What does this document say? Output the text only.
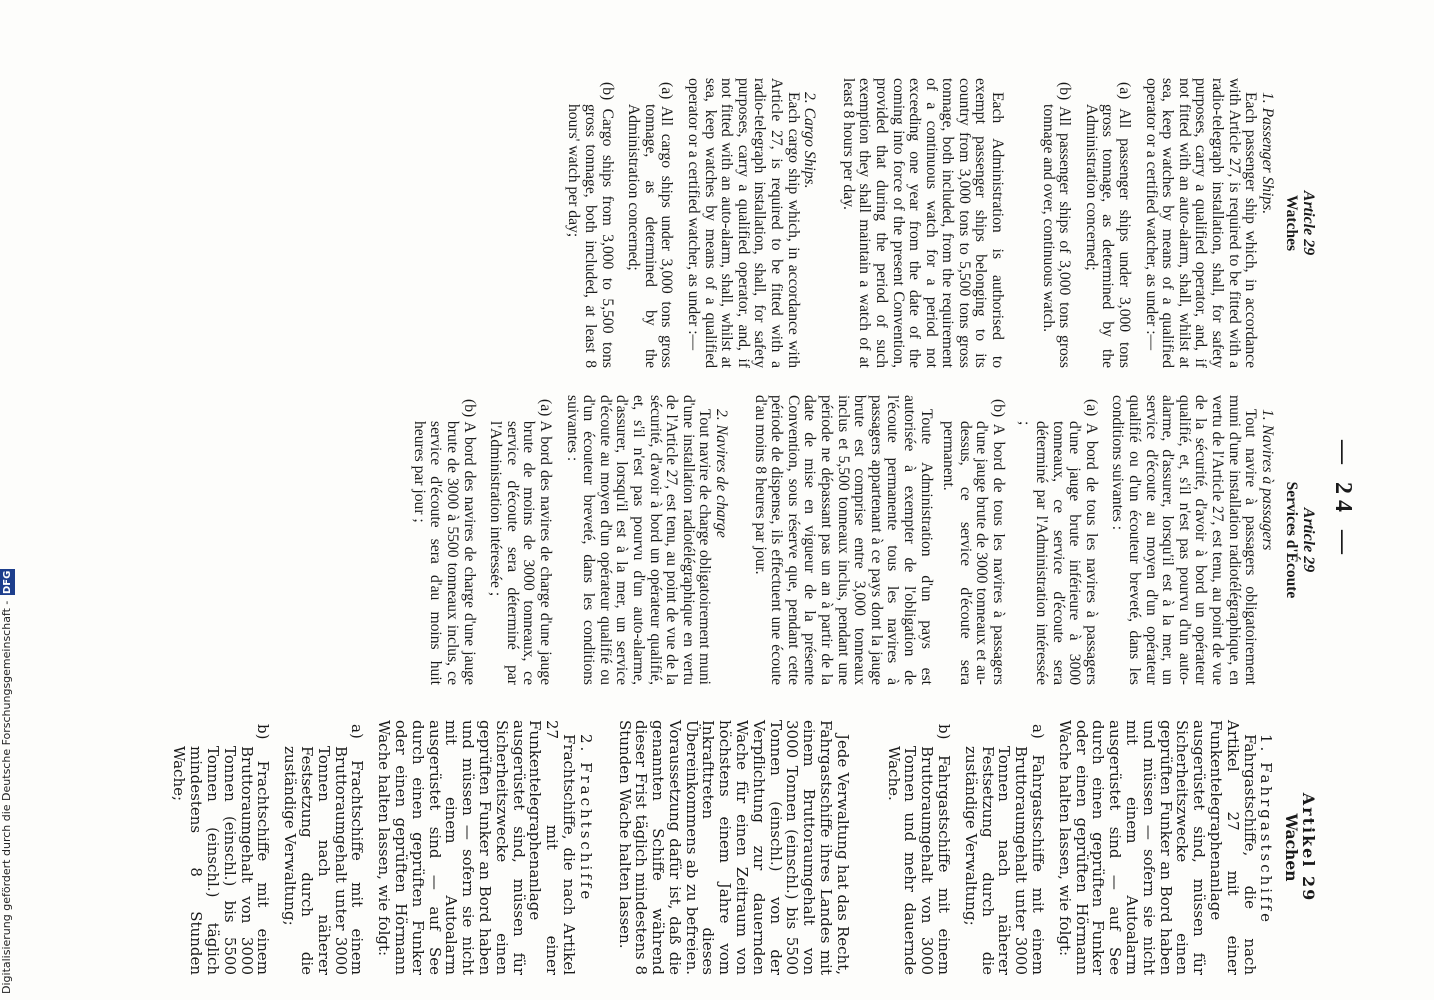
— 24 —

Article 29

Watches

1. Passenger Ships.

Each passenger ship which, in accordance with Article 27, is required to be fitted with a radio-telegraph installation, shall, for safety purposes, carry a qualified operator, and, if not fitted with an auto-alarm, shall, whilst at sea, keep watches by means of a qualified operator or a certified watcher, as under :—

(a) All passenger ships under 3,000 tons gross tonnage, as determined by the Administration concerned;

(b) All passenger ships of 3,000 tons gross tonnage and over, continuous watch.

Each Administration is authorised to exempt passenger ships belonging to its country from 3,000 tons to 5,500 tons gross tonnage, both included, from the requirement of a continuous watch for a period not exceeding one year from the date of the coming into force of the present Convention, provided that during the period of such exemption they shall maintain a watch of at least 8 hours per day.

2. Cargo Ships.

Each cargo ship which, in accordance with Article 27, is required to be fitted with a radio-telegraph installation, shall, for safety purposes, carry a qualified operator, and, if not fitted with an auto-alarm, shall, whilst at sea, keep watches by means of a qualified operator or a certified watcher, as under :—

(a) All cargo ships under 3,000 tons gross tonnage, as determined by the Administration concerned;

(b) Cargo ships from 3,000 to 5,500 tons gross tonnage, both included, at least 8 hours' watch per day;

Article 29

Services d'Écoute

1. Navires à passagers

Tout navire à passagers obligatoirement muni d'une installation radiotélégraphique, en vertu de l'Article 27, est tenu, au point de vue de la sécurité, d'avoir à bord un opérateur qualifié, et, s'il n'est pas pourvu d'un auto-alarme, d'assurer, lorsqu'il est à la mer, un service d'écoute au moyen d'un opérateur qualifié ou d'un écouteur breveté, dans les conditions suivantes :

(a) A bord de tous les navires à passagers d'une jauge brute inférieure à 3000 tonneaux, ce service d'écoute sera déterminé par l'Administration intéressée ;

(b) A bord de tous les navires à passagers d'une jauge brute de 3000 tonneaux et au-dessus, ce service d'écoute sera permanent.

Toute Administration d'un pays est autorisée à exempter de l'obligation de l'écoute permanente tous les navires à passagers appartenant à ce pays dont la jauge brute est comprise entre 3,000 tonneaux inclus et 5,500 tonneaux inclus, pendant une période ne dépassant pas un an à partir de la date de mise en vigueur de la présente Convention, sous réserve que, pendant cette période de dispense, ils effectuent une écoute d'au moins 8 heures par jour.

2. Navires de charge

Tout navire de charge obligatoirement muni d'une installation radiotélégraphique en vertu de l'Article 27, est tenu, au point de vue de la sécurité, d'avoir à bord un opérateur qualifié, et, s'il n'est pas pourvu d'un auto-alarme, d'assurer, lorsqu'il est à la mer, un service d'écoute au moyen d'un opérateur qualifié ou d'un écouteur breveté, dans les conditions suivantes :

(a) A bord des navires de charge d'une jauge brute de moins de 3000 tonneaux, ce service d'écoute sera déterminé par l'Administration intéressée ;

(b) A bord des navires de charge d'une jauge brute de 3000 à 5500 tonneaux inclus, ce service d'écoute sera d'au moins huit heures par jour ;

Artikel 29

Wachen

1. Fahrgastschiffe

Fahrgastschiffe, die nach Artikel 27 mit einer Funkentelegraphenanlage ausgerüstet sind, müssen für Sicherheitszwecke einen geprüften Funker an Bord haben und müssen — sofern sie nicht mit einem Autoalarm ausgerüstet sind — auf See durch einen geprüften Funker oder einen geprüften Hörmann Wache halten lassen, wie folgt:

a) Fahrgastschiffe mit einem Bruttoraumgehalt unter 3000 Tonnen nach näherer Festsetzung durch die zuständige Verwaltung;

b) Fahrgastschiffe mit einem Bruttoraumgehalt von 3000 Tonnen und mehr dauernde Wache.

Jede Verwaltung hat das Recht, Fahrgastschiffe ihres Landes mit einem Bruttoraumgehalt von 3000 Tonnen (einschl.) bis 5500 Tonnen (einschl.) von der Verpflichtung zur dauernden Wache für einen Zeitraum von höchstens einem Jahre vom Inkrafttreten dieses Übereinkommens ab zu befreien. Voraussetzung dafür ist, daß die genannten Schiffe während dieser Frist täglich mindestens 8 Stunden Wache halten lassen.

2. Frachtschiffe

Frachtschiffe, die nach Artikel 27 mit einer Funkentelegraphenanlage ausgerüstet sind, müssen für Sicherheitszwecke einen geprüften Funker an Bord haben und müssen — sofern sie nicht mit einem Autoalarm ausgerüstet sind — auf See durch einen geprüften Funker oder einen geprüften Hörmann Wache halten lassen, wie folgt:

a) Frachtschiffe mit einem Bruttoraumgehalt unter 3000 Tonnen nach näherer Festsetzung durch die zuständige Verwaltung;

b) Frachtschiffe mit einem Bruttoraumgehalt von 3000 Tonnen (einschl.) bis 5500 Tonnen (einschl.) täglich mindestens 8 Stunden Wache;

Digitalisierung gefördert durch die Deutsche Forschungsgemeinschaft -
DFG
